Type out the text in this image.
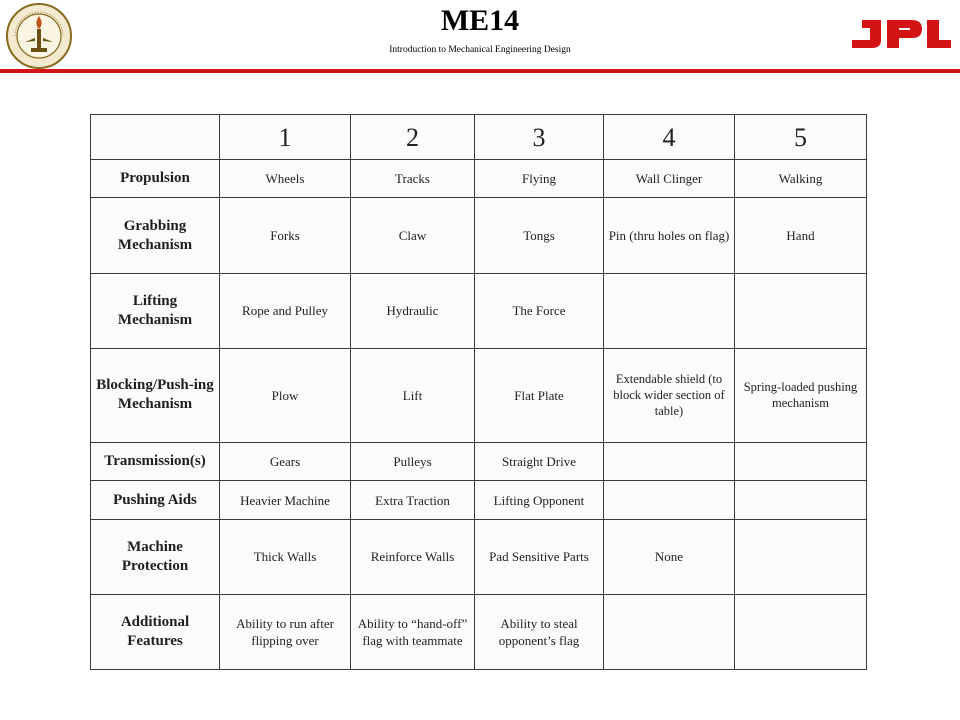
ME14
Introduction to Mechanical Engineering Design
	1	2	3	4	5
Propulsion	Wheels	Tracks	Flying	Wall Clinger	Walking
Grabbing Mechanism	Forks	Claw	Tongs	Pin (thru holes on flag)	Hand
Lifting Mechanism	Rope and Pulley	Hydraulic	The Force		
Blocking/Push-ing Mechanism	Plow	Lift	Flat Plate	Extendable shield (to block wider section of table)	Spring-loaded pushing mechanism
Transmission(s)	Gears	Pulleys	Straight Drive		
Pushing Aids	Heavier Machine	Extra Traction	Lifting Opponent		
Machine Protection	Thick Walls	Reinforce Walls	Pad Sensitive Parts	None	
Additional Features	Ability to run after flipping over	Ability to “hand-off” flag with teammate	Ability to steal opponent’s flag		
